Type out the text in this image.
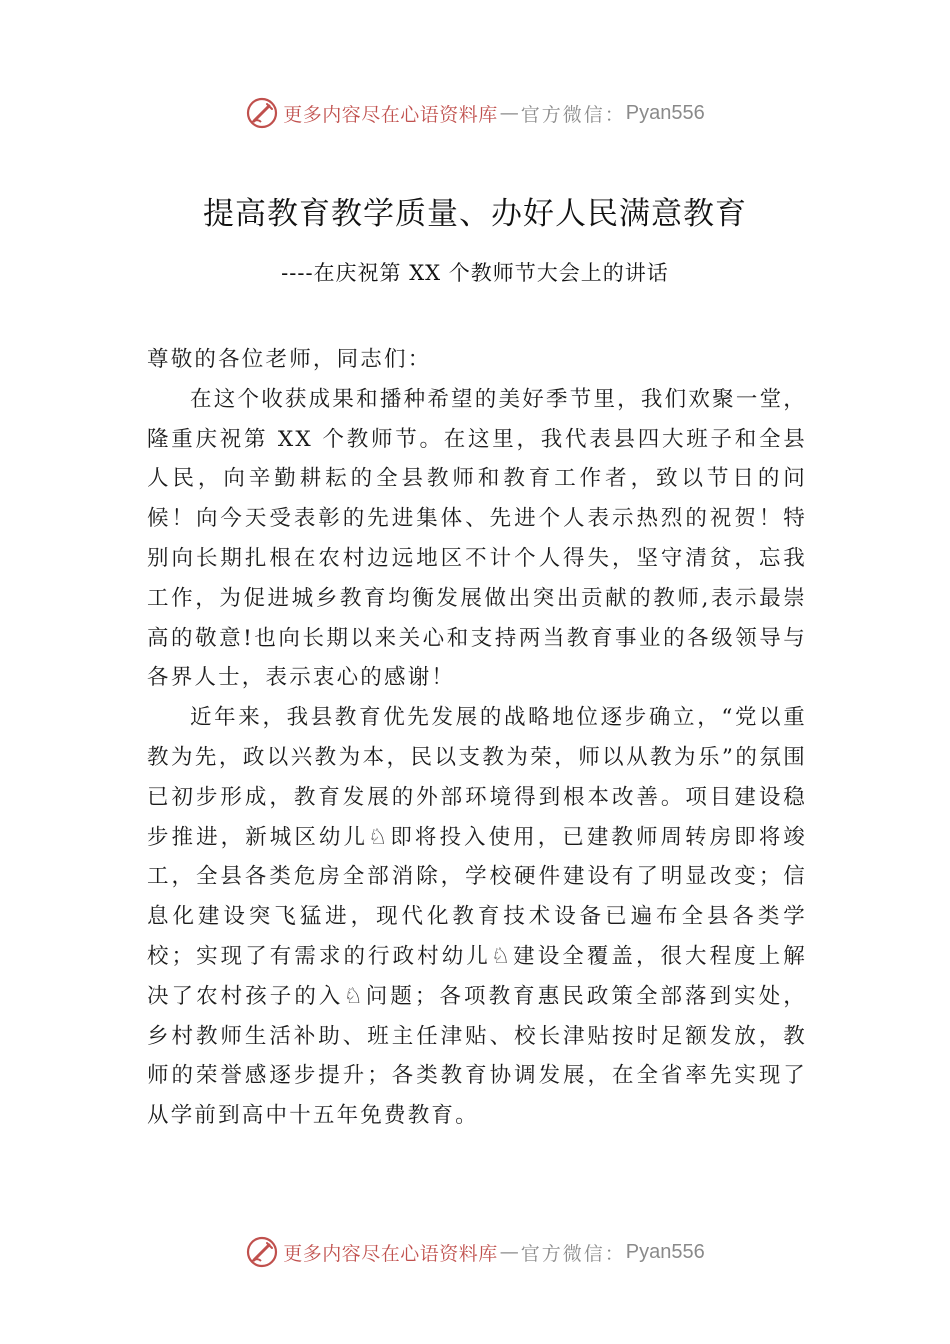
更多内容尽在心语资料库 — 官方微信： Pyan556
提高教育教学质量、办好人民满意教育
----在庆祝第 XX 个教师节大会上的讲话

尊敬的各位老师，同志们：

在这个收获成果和播种希望的美好季节里，我们欢聚一堂，隆重庆祝第 XX 个教师节。在这里，我代表县四大班子和全县人民，向辛勤耕耘的全县教师和教育工作者，致以节日的问候！向今天受表彰的先进集体、先进个人表示热烈的祝贺！特别向长期扎根在农村边远地区不计个人得失，坚守清贫，忘我工作，为促进城乡教育均衡发展做出突出贡献的教师,表示最崇高的敬意!也向长期以来关心和支持两当教育事业的各级领导与各界人士，表示衷心的感谢！

近年来，我县教育优先发展的战略地位逐步确立，“党以重教为先，政以兴教为本，民以支教为荣，师以从教为乐”的氛围已初步形成，教育发展的外部环境得到根本改善。项目建设稳步推进，新城区幼儿♘即将投入使用，已建教师周转房即将竣工，全县各类危房全部消除，学校硬件建设有了明显改变；信息化建设突飞猛进，现代化教育技术设备已遍布全县各类学校；实现了有需求的行政村幼儿♘建设全覆盖，很大程度上解决了农村孩子的入♘问题；各项教育惠民政策全部落到实处，乡村教师生活补助、班主任津贴、校长津贴按时足额发放，教师的荣誉感逐步提升；各类教育协调发展，在全省率先实现了从学前到高中十五年免费教育。

更多内容尽在心语资料库 — 官方微信： Pyan556
